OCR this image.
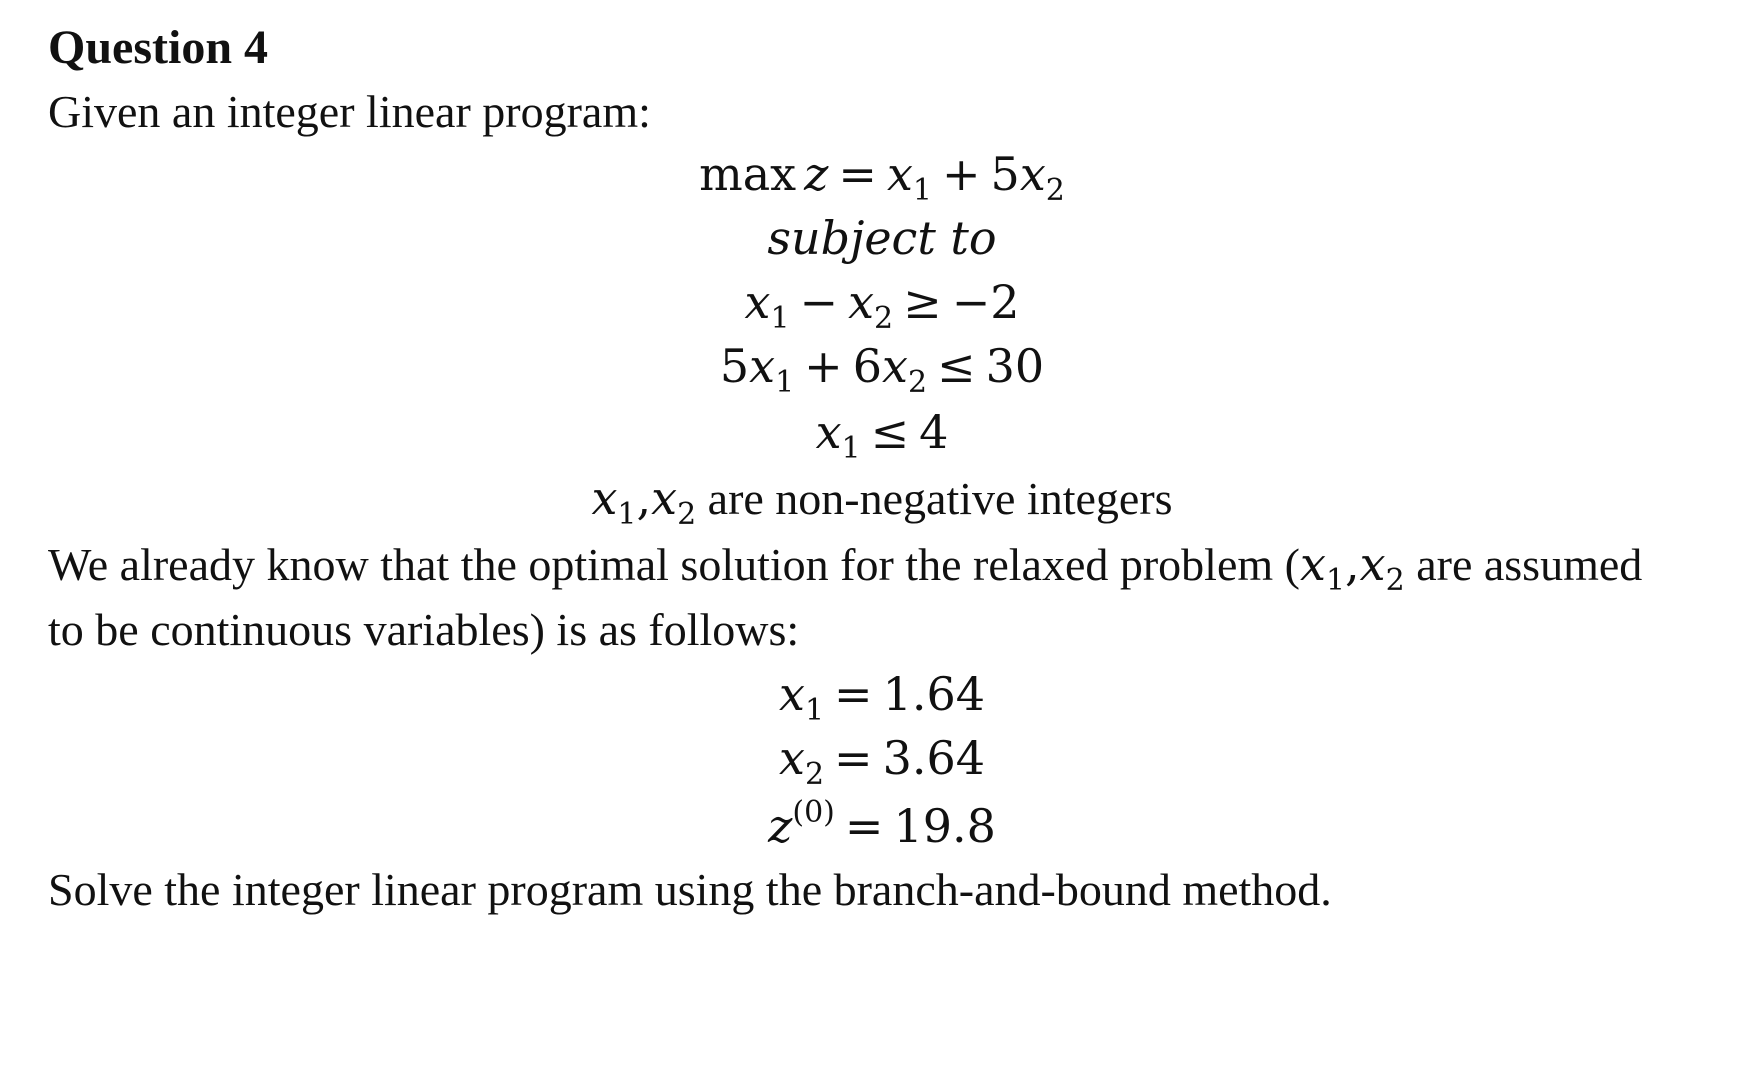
Question 4
Given an integer linear program:
$\max z = x_1 + 5x_2$
subject to
$x_1 - x_2 \ge -2$
$5x_1 + 6x_2 \le 30$
$x_1 \le 4$
$x_1,x_2$ are non-negative integers
We already know that the optimal solution for the relaxed problem ($x_1,x_2$ are assumed
to be continuous variables) is as follows:
$x_1 = 1.64$
$x_2 = 3.64$
$z^{(0)} = 19.8$
Solve the integer linear program using the branch-and-bound method.
